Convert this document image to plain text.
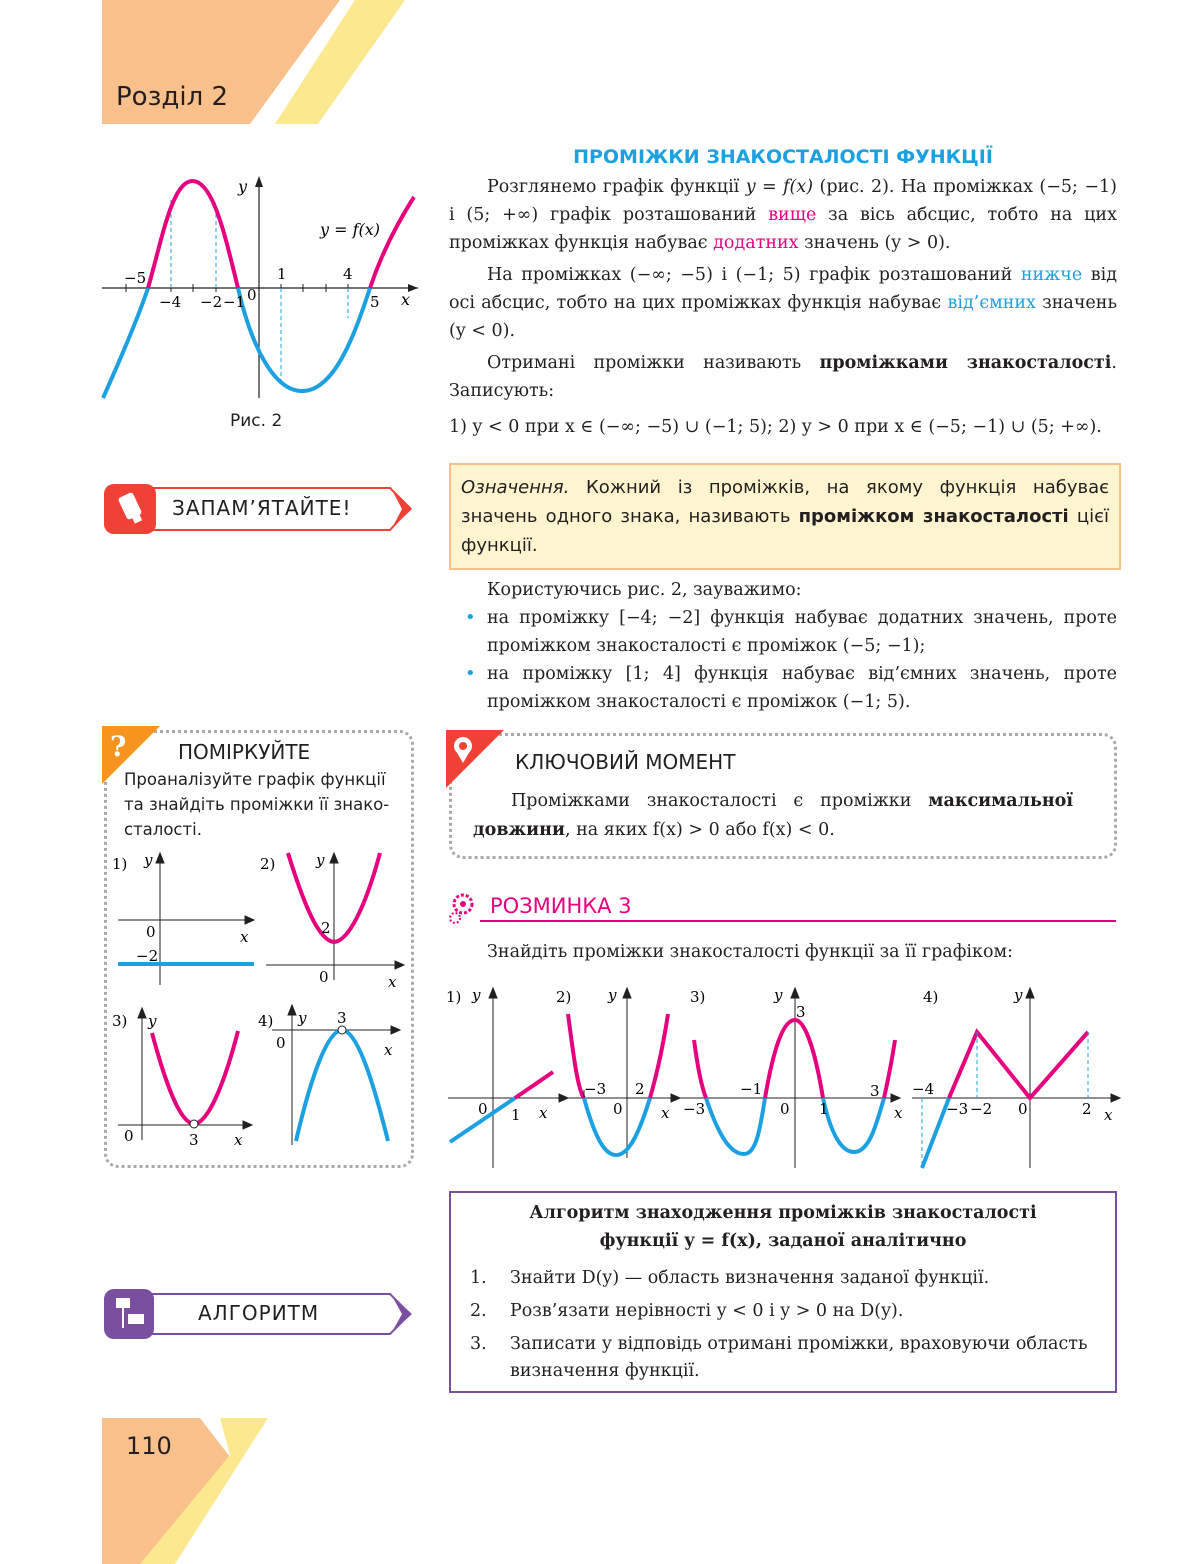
Розділ 2
y
x
y = f(x)
−5	1	4
−4 −2 −1 0	5
Рис. 2
ПРОМІЖКИ ЗНАКОСТАЛОСТІ ФУНКЦІЇ

Розглянемо графік функції y = f(x) (рис. 2). На проміжках (−5; −1) і (5; +∞) графік розташований вище за вісь абсцис, тобто на цих проміжках функція набуває додатних значень (y > 0).

На проміжках (−∞; −5) і (−1; 5) графік розташований нижче від осі абсцис, тобто на цих проміжках функція набуває від’ємних значень (y < 0).

Отримані проміжки називають проміжками знакосталості. Записують:

1) y < 0 при x ∈ (−∞; −5) ∪ (−1; 5); 2) y > 0 при x ∈ (−5; −1) ∪ (5; +∞).

ЗАПАМ’ЯТАЙТЕ!
Означення. Кожний із проміжків, на якому функція набуває значень одного знака, називають проміжком знакосталості цієї функції.

Користуючись рис. 2, зауважимо:

• на проміжку [−4; −2] функція набуває додатних значень, проте проміжком знакосталості є проміжок (−5; −1);
• на проміжку [1; 4] функція набуває від’ємних значень, проте проміжком знакосталості є проміжок (−1; 5).
?	ПОМІРКУЙТЕ
Проаналізуйте графік функції та знайдіть проміжки її знако-сталості.
1) y
x
0
−2
2)	y
x
2
0
3) y
x
0	3
4) y
x
0
3
КЛЮЧОВИЙ МОМЕНТ
Проміжками знакосталості є проміжки максимальної довжини, на яких f(x) > 0 або f(x) < 0.
РОЗМИНКА 3
Знайдіть проміжки знакосталості функції за її графіком:
1) y
x
0 1
2) y
x
−3 2
0
3)	y
x
3
−1
−3	0 1
3
4)	y
x
−4
−3 −2 0	2
АЛГОРИТМ
Алгоритм знаходження проміжків знакосталості
функції y = f(x), заданої аналітично
1. Знайти D(y) — область визначення заданої функції.
2. Розв’язати нерівності y < 0 і y > 0 на D(y).
3. Записати у відповідь отримані проміжки, враховуючи область визначення функції.
110
